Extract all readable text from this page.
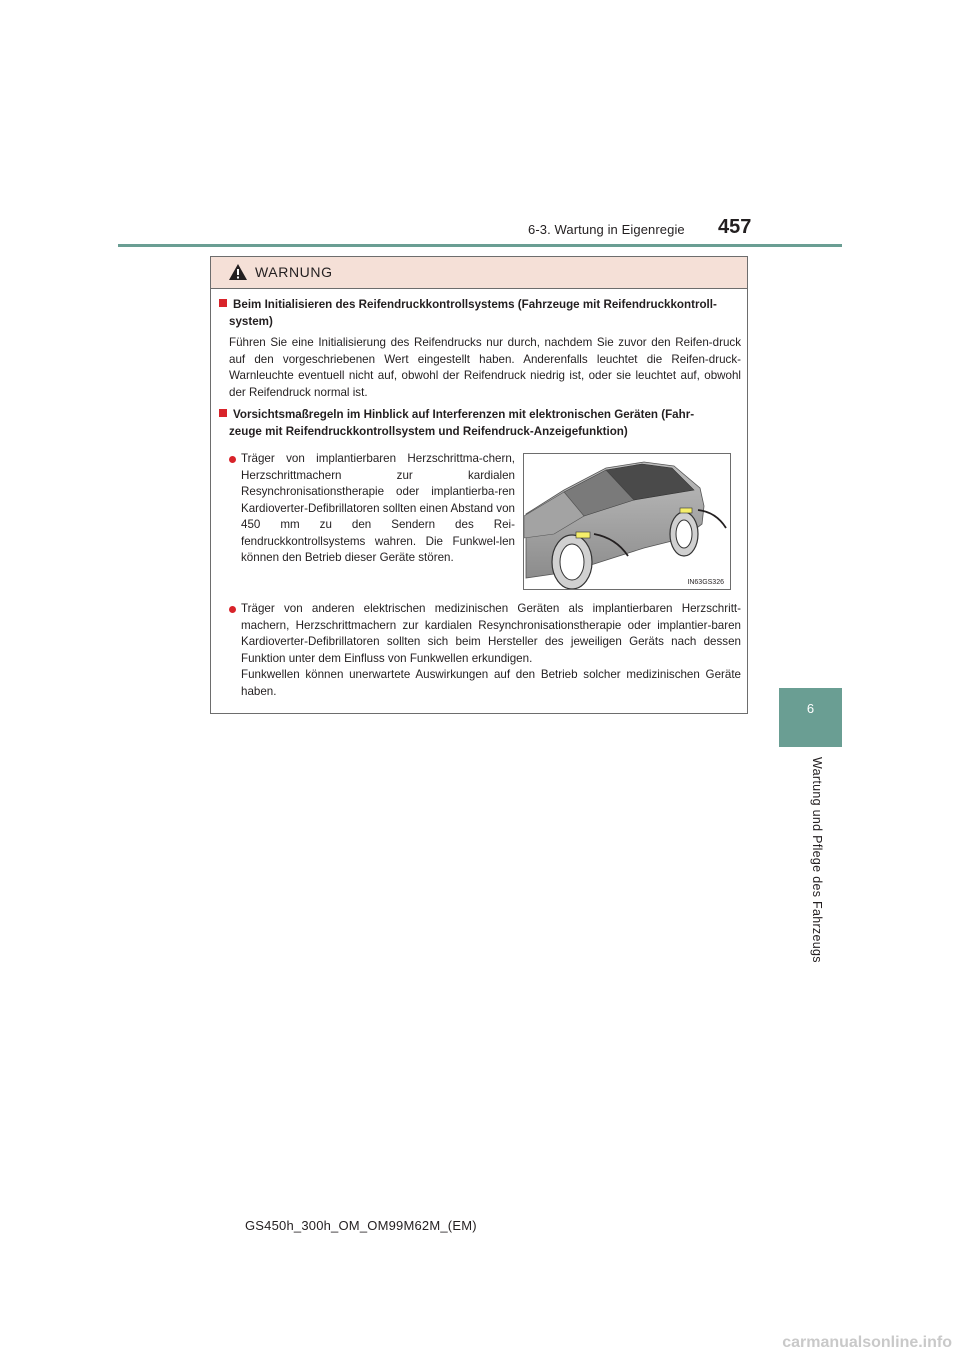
6-3. Wartung in Eigenregie 457
6
Wartung und Pflege des Fahrzeugs
WARNUNG
Beim Initialisieren des Reifendruckkontrollsystems (Fahrzeuge mit Reifendruckkontroll-
system)
Führen Sie eine Initialisierung des Reifendrucks nur durch, nachdem Sie zuvor den Reifen-druck auf den vorgeschriebenen Wert eingestellt haben. Anderenfalls leuchtet die Reifen-druck-Warnleuchte eventuell nicht auf, obwohl der Reifendruck niedrig ist, oder sie leuchtet auf, obwohl der Reifendruck normal ist.
Vorsichtsmaßregeln im Hinblick auf Interferenzen mit elektronischen Geräten (Fahr-
zeuge mit Reifendruckkontrollsystem und Reifendruck-Anzeigefunktion)
Träger von implantierbaren Herzschrittma-chern, Herzschrittmachern zur kardialen Resynchronisationstherapie oder implantierba-ren Kardioverter-Defibrillatoren sollten einen Abstand von 450 mm zu den Sendern des Rei-fendruckkontrollsystems wahren. Die Funkwel-len können den Betrieb dieser Geräte stören.
IN63GS326
Träger von anderen elektrischen medizinischen Geräten als implantierbaren Herzschritt-machern, Herzschrittmachern zur kardialen Resynchronisationstherapie oder implantier-baren Kardioverter-Defibrillatoren sollten sich beim Hersteller des jeweiligen Geräts nach dessen Funktion unter dem Einfluss von Funkwellen erkundigen.
Funkwellen können unerwartete Auswirkungen auf den Betrieb solcher medizinischen Geräte haben.
GS450h_300h_OM_OM99M62M_(EM)
carmanualsonline.info
